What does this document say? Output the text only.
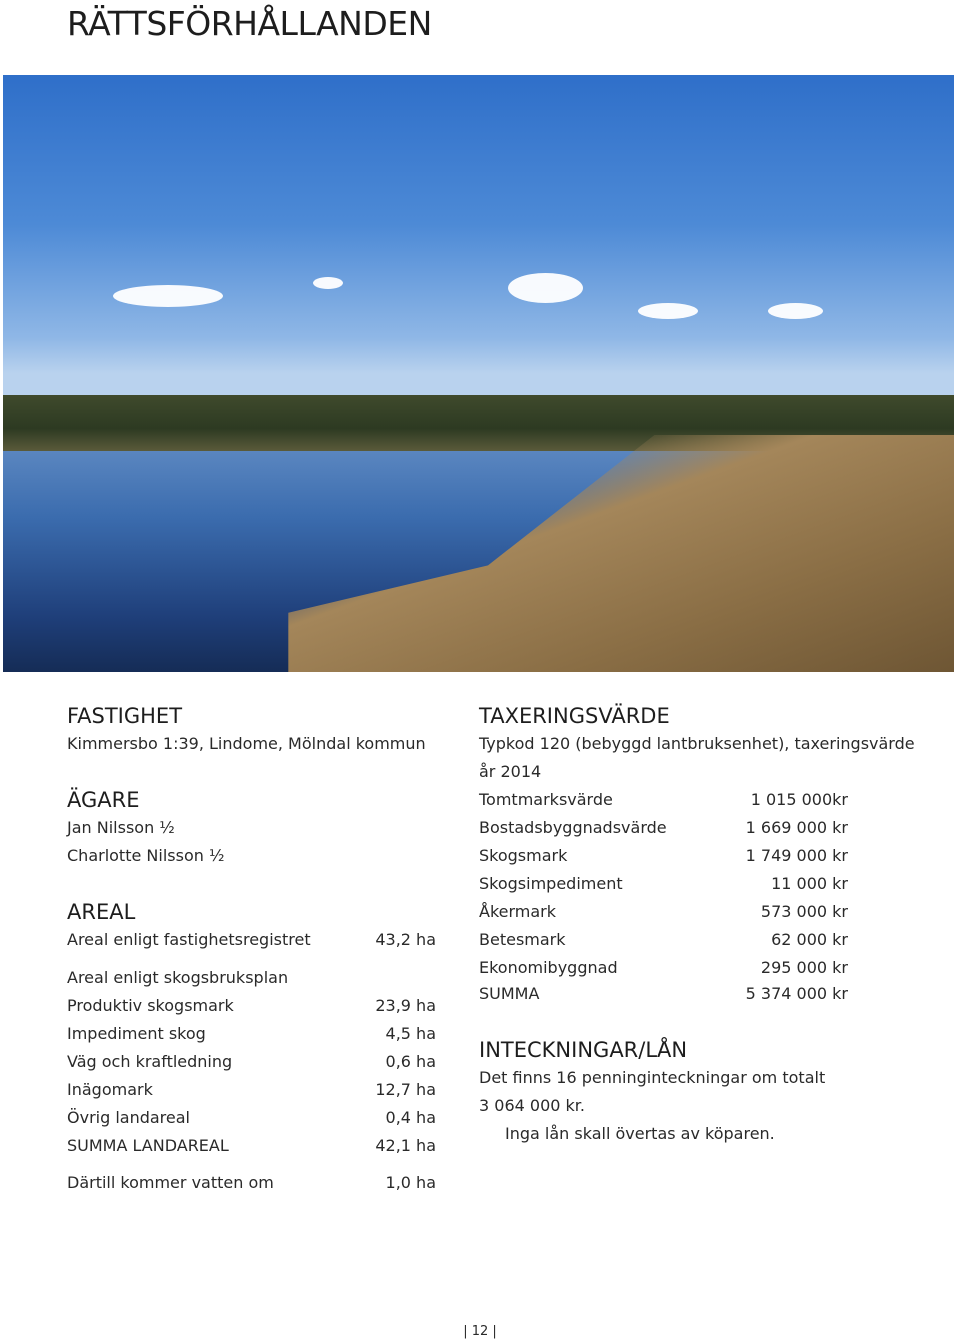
RÄTTSFÖRHÅLLANDEN
FASTIGHET
Kimmersbo 1:39, Lindome, Mölndal kommun
ÄGARE
Jan Nilsson ½
Charlotte Nilsson ½
AREAL
Areal enligt fastighetsregistret	43,2 ha
Areal enligt skogsbruksplan
Produktiv skogsmark	23,9 ha
Impediment skog	4,5 ha
Väg och kraftledning	0,6 ha
Inägomark	12,7 ha
Övrig landareal	0,4 ha
SUMMA LANDAREAL	42,1 ha
Därtill kommer vatten om	1,0 ha
TAXERINGSVÄRDE
Typkod 120 (bebyggd lantbruksenhet), taxeringsvärde
år 2014
Tomtmarksvärde	1 015 000kr
Bostadsbyggnadsvärde	1 669 000 kr
Skogsmark	1 749 000 kr
Skogsimpediment	11 000 kr
Åkermark	573 000 kr
Betesmark	62 000 kr
Ekonomibyggnad	295 000 kr
SUMMA	5 374 000 kr
INTECKNINGAR/LÅN
Det finns 16 penninginteckningar om totalt
3 064 000 kr.
Inga lån skall övertas av köparen.
| 12 |
